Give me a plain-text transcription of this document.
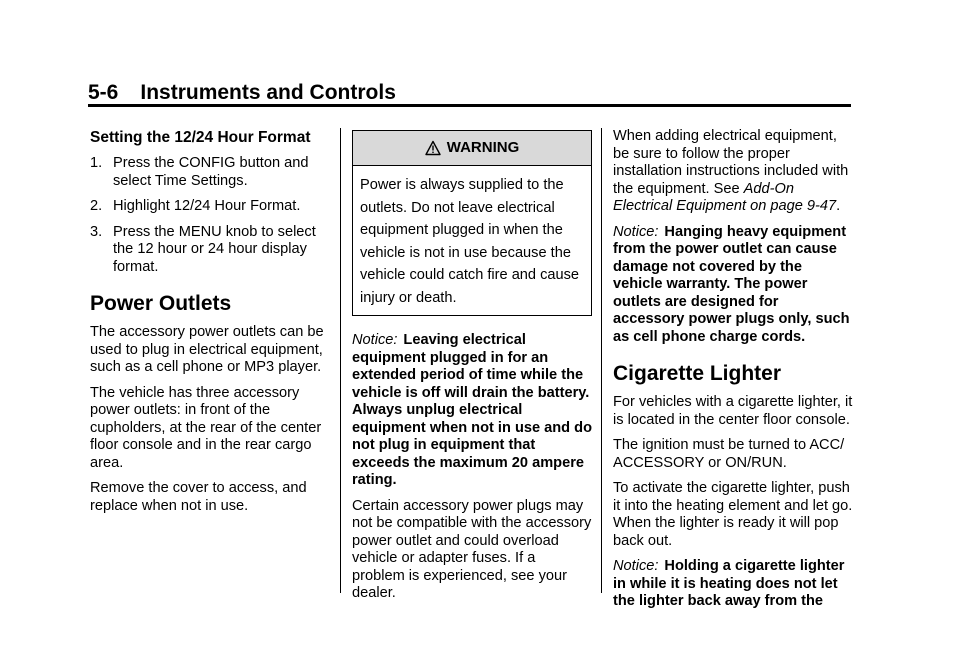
5-6 Instruments and Controls
Setting the 12/24 Hour Format
1. Press the CONFIG button and select Time Settings.
2. Highlight 12/24 Hour Format.
3. Press the MENU knob to select the 12 hour or 24 hour display format.
Power Outlets

The accessory power outlets can be used to plug in electrical equipment, such as a cell phone or MP3 player.

The vehicle has three accessory power outlets: in front of the cupholders, at the rear of the center floor console and in the rear cargo area.

Remove the cover to access, and replace when not in use.

WARNING
Power is always supplied to the outlets. Do not leave electrical equipment plugged in when the vehicle is not in use because the vehicle could catch fire and cause injury or death.

Notice: Leaving electrical equipment plugged in for an extended period of time while the vehicle is off will drain the battery. Always unplug electrical equipment when not in use and do not plug in equipment that exceeds the maximum 20 ampere rating.

Certain accessory power plugs may not be compatible with the accessory power outlet and could overload vehicle or adapter fuses. If a problem is experienced, see your dealer.

When adding electrical equipment, be sure to follow the proper installation instructions included with the equipment. See Add-On Electrical Equipment on page 9-47.

Notice: Hanging heavy equipment from the power outlet can cause damage not covered by the vehicle warranty. The power outlets are designed for accessory power plugs only, such as cell phone charge cords.

Cigarette Lighter

For vehicles with a cigarette lighter, it is located in the center floor console.

The ignition must be turned to ACC/ ACCESSORY or ON/RUN.

To activate the cigarette lighter, push it into the heating element and let go. When the lighter is ready it will pop back out.

Notice: Holding a cigarette lighter in while it is heating does not let the lighter back away from the
